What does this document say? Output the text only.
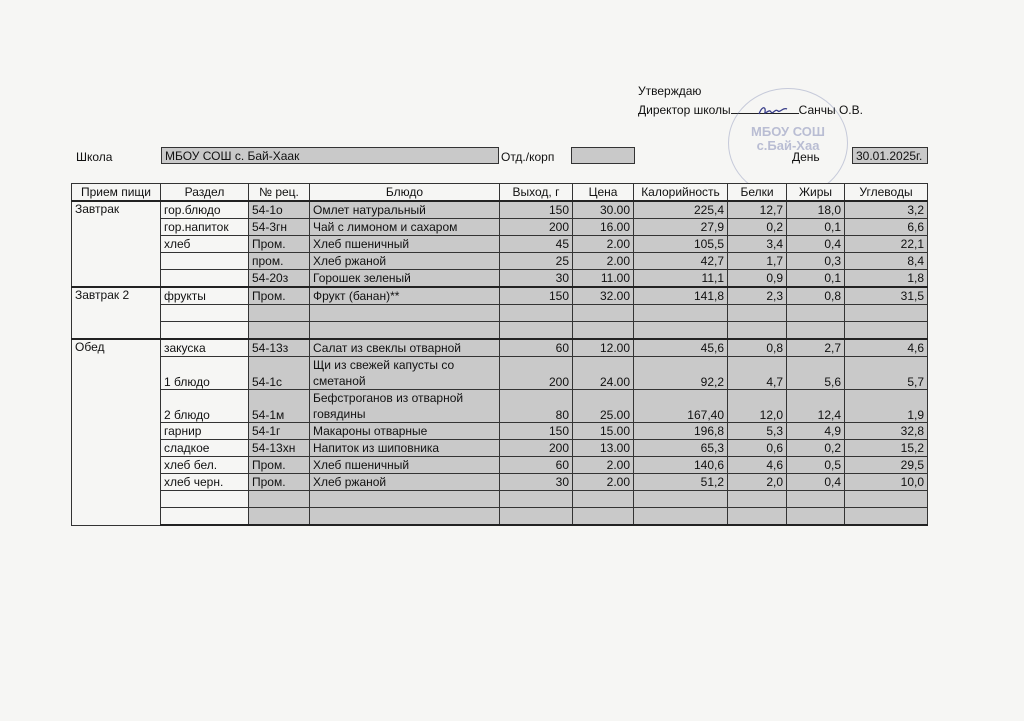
Утверждаю
Директор школы	Санчы О.В.
МБОУ СОШ
с.Бай-Хаа
Школа	МБОУ СОШ с. Бай-Хаак	Отд./корп	День	30.01.2025г.
Прием пищи	Раздел	№ рец.	Блюдо	Выход, г	Цена	Калорийность	Белки	Жиры	Углеводы
Завтрак	гор.блюдо	54-1о	Омлет натуральный	150	30.00	225,4	12,7	18,0	3,2
	гор.напиток	54-3гн	Чай с лимоном и сахаром	200	16.00	27,9	0,2	0,1	6,6
	хлеб	Пром.	Хлеб пшеничный	45	2.00	105,5	3,4	0,4	22,1
		пром.	Хлеб ржаной	25	2.00	42,7	1,7	0,3	8,4
		54-20з	Горошек зеленый	30	11.00	11,1	0,9	0,1	1,8
Завтрак 2	фрукты	Пром.	Фрукт (банан)**	150	32.00	141,8	2,3	0,8	31,5

Обед	закуска	54-13з	Салат из свеклы отварной	60	12.00	45,6	0,8	2,7	4,6
	1 блюдо	54-1с	Щи из свежей капусты со сметаной	200	24.00	92,2	4,7	5,6	5,7
	2 блюдо	54-1м	Бефстроганов из отварной говядины	80	25.00	167,40	12,0	12,4	1,9
	гарнир	54-1г	Макароны отварные	150	15.00	196,8	5,3	4,9	32,8
	сладкое	54-13хн	Напиток из шиповника	200	13.00	65,3	0,6	0,2	15,2
	хлеб бел.	Пром.	Хлеб пшеничный	60	2.00	140,6	4,6	0,5	29,5
	хлеб черн.	Пром.	Хлеб ржаной	30	2.00	51,2	2,0	0,4	10,0
